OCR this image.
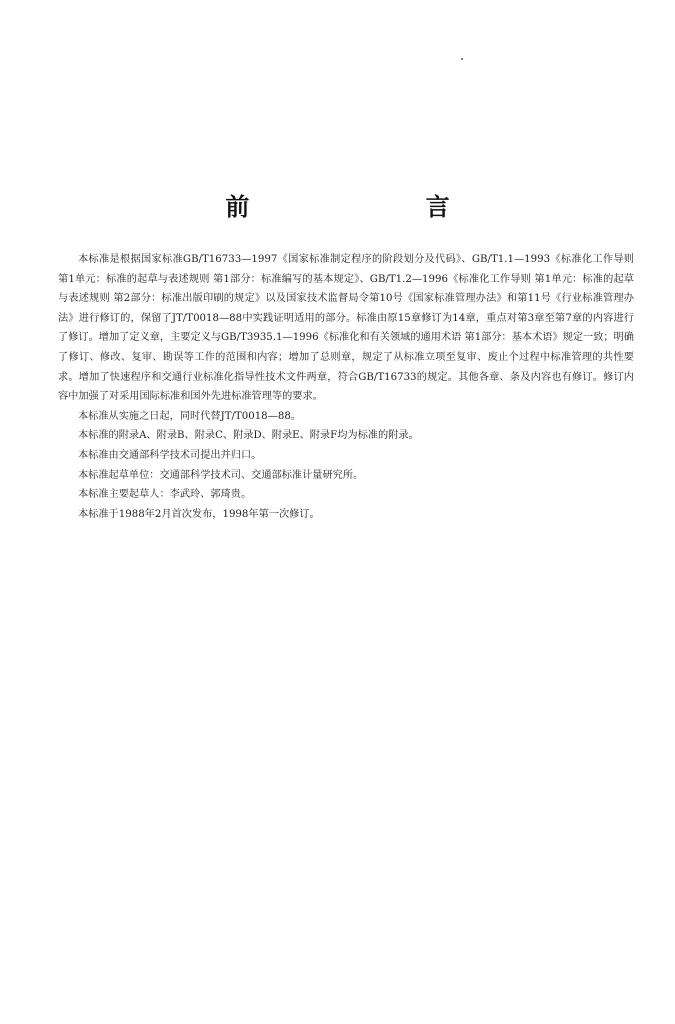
前 言

本标准是根据国家标准GB/T16733—1997《国家标准制定程序的阶段划分及代码》、GB/T1.1—1993《标准化工作导则 第1单元：标准的起草与表述规则 第1部分：标准编写的基本规定》、GB/T1.2—1996《标准化工作导则 第1单元：标准的起草与表述规则 第2部分：标准出版印刷的规定》以及国家技术监督局令第10号《国家标准管理办法》和第11号《行业标准管理办法》进行修订的，保留了JT/T0018—88中实践证明适用的部分。标准由原15章修订为14章，重点对第3章至第7章的内容进行了修订。增加了定义章，主要定义与GB/T3935.1—1996《标准化和有关领域的通用术语 第1部分：基本术语》规定一致；明确了修订、修改、复审、勘误等工作的范围和内容；增加了总则章，规定了从标准立项至复审、废止个过程中标准管理的共性要求。增加了快速程序和交通行业标准化指导性技术文件两章，符合GB/T16733的规定。其他各章、条及内容也有修订。修订内容中加强了对采用国际标准和国外先进标准管理等的要求。

本标准从实施之日起，同时代替JT/T0018—88。

本标准的附录A、附录B、附录C、附录D、附录E、附录F均为标准的附录。

本标准由交通部科学技术司提出并归口。

本标准起草单位：交通部科学技术司、交通部标准计量研究所。

本标准主要起草人：李武玲、郭琦贵。

本标准于1988年2月首次发布，1998年第一次修订。
